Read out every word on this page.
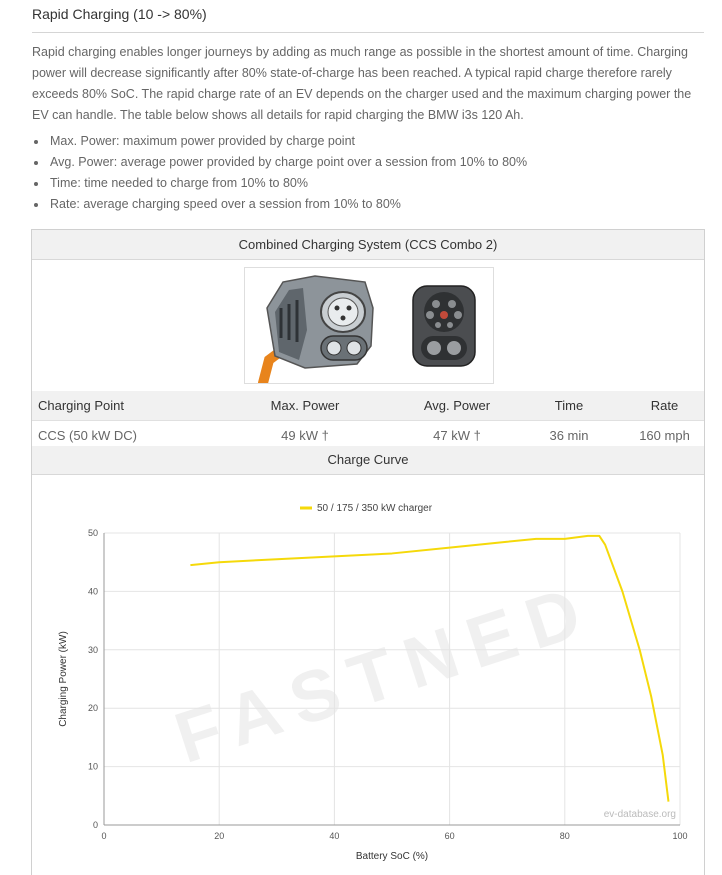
Rapid Charging (10 -> 80%)

Rapid charging enables longer journeys by adding as much range as possible in the shortest amount of time. Charging power will decrease significantly after 80% state-of-charge has been reached. A typical rapid charge therefore rarely exceeds 80% SoC. The rapid charge rate of an EV depends on the charger used and the maximum charging power the EV can handle. The table below shows all details for rapid charging the BMW i3s 120 Ah.

• Max. Power: maximum power provided by charge point
• Avg. Power: average power provided by charge point over a session from 10% to 80%
• Time: time needed to charge from 10% to 80%
• Rate: average charging speed over a session from 10% to 80%
Combined Charging System (CCS Combo 2)
Charging Point	Max. Power	Avg. Power	Time	Rate
CCS (50 kW DC)	49 kW †	47 kW †	36 min	160 mph
Charge Curve
FASTNED
0	20	40	60	80	100
0
10
20
30
40
50
Battery SoC (%)
Charging Power (kW)
50 / 175 / 350 kW charger
ev-database.org
